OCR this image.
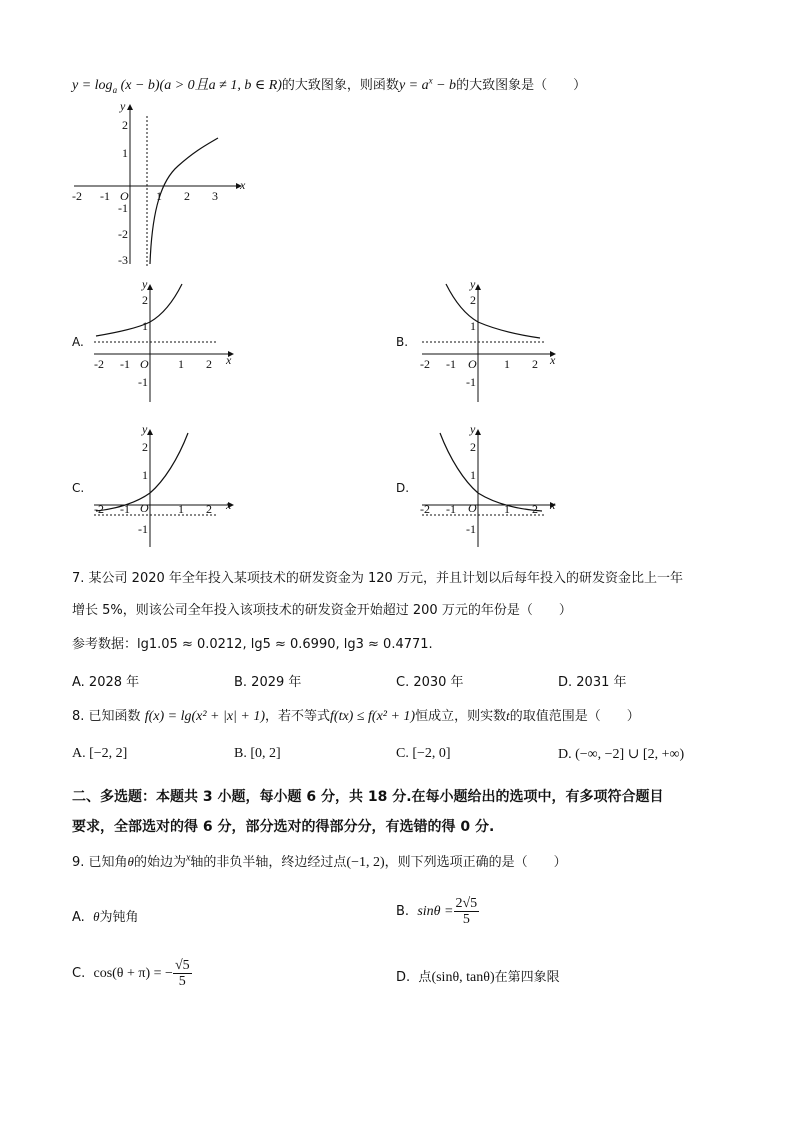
$y = \log_a (x - b)(a > 0$且a ≠ 1, b ∈ R)的大致图象，则函数$y = a^x - b$的大致图象是（　　）
x
y
O
-2 -1	1 2 3
2
1
-1
-2
-3
A.
x
y
O
-2 -1	1 2
2
1
-1
B.
x
y
O
-2 -1	1 2
2
1
-1
C.
x
y
O
-2 -1	1 2
2
1
-1
D.
x
y
O
-2 -1	1 2
2
1
-1
7. 某公司 2020 年全年投入某项技术的研发资金为 120 万元，并且计划以后每年投入的研发资金比上一年
增长 5%，则该公司全年投入该项技术的研发资金开始超过 200 万元的年份是（　　）
参考数据：lg1.05 ≈ 0.0212, lg5 ≈ 0.6990, lg3 ≈ 0.4771.
A. 2028 年	B. 2029 年	C. 2030 年	D. 2031 年
8. 已知函数 f(x) = lg(x² + |x| + 1)，若不等式f(tx) ≤ f(x² + 1)恒成立，则实数t的取值范围是（　　）
A. [−2, 2]	B. [0, 2]	C. [−2, 0]	D. (−∞, −2] ∪ [2, +∞)
二、多选题：本题共 3 小题，每小题 6 分，共 18 分.在每小题给出的选项中，有多项符合题目
要求，全部选对的得 6 分，部分选对的得部分分，有选错的得 0 分.
9. 已知角θ的始边为$^x$轴的非负半轴，终边经过点(−1, 2)，则下列选项正确的是（　　）
A. θ为钝角	B.
$\sin\theta = \frac{2√5}{5}$
C.
cos(θ + π) = − $\frac{√5}{5}$	D. 点(sinθ, tanθ)在第四象限
